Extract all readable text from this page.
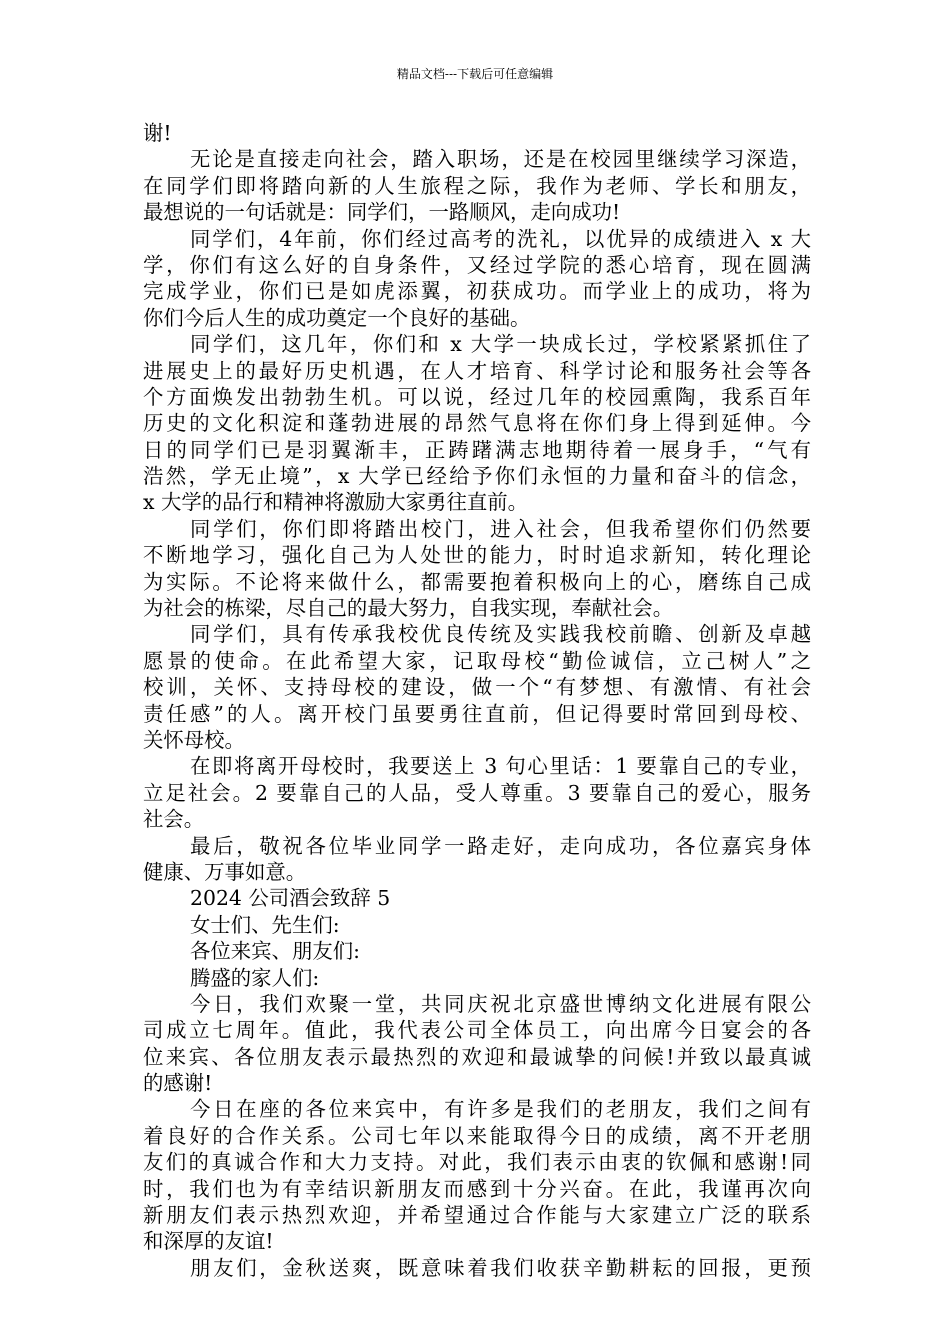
精品文档---下载后可任意编辑
谢!
无论是直接走向社会，踏入职场，还是在校园里继续学习深造，
在同学们即将踏向新的人生旅程之际，我作为老师、学长和朋友，
最想说的一句话就是：同学们，一路顺风，走向成功!
同学们，4年前，你们经过高考的洗礼，以优异的成绩进入 x 大
学，你们有这么好的自身条件，又经过学院的悉心培育，现在圆满
完成学业，你们已是如虎添翼，初获成功。而学业上的成功，将为
你们今后人生的成功奠定一个良好的基础。
同学们，这几年，你们和 x 大学一块成长过，学校紧紧抓住了
进展史上的最好历史机遇，在人才培育、科学讨论和服务社会等各
个方面焕发出勃勃生机。可以说，经过几年的校园熏陶，我系百年
历史的文化积淀和蓬勃进展的昂然气息将在你们身上得到延伸。今
日的同学们已是羽翼渐丰，正踌躇满志地期待着一展身手，“气有
浩然，学无止境”，x 大学已经给予你们永恒的力量和奋斗的信念，
x 大学的品行和精神将激励大家勇往直前。
同学们，你们即将踏出校门，进入社会，但我希望你们仍然要
不断地学习，强化自己为人处世的能力，时时追求新知，转化理论
为实际。不论将来做什么，都需要抱着积极向上的心，磨练自己成
为社会的栋梁，尽自己的最大努力，自我实现，奉献社会。
同学们，具有传承我校优良传统及实践我校前瞻、创新及卓越
愿景的使命。在此希望大家，记取母校“勤俭诚信，立己树人”之
校训，关怀、支持母校的建设，做一个“有梦想、有激情、有社会
责任感”的人。离开校门虽要勇往直前，但记得要时常回到母校、
关怀母校。
在即将离开母校时，我要送上 3 句心里话：1 要靠自己的专业，
立足社会。2 要靠自己的人品，受人尊重。3 要靠自己的爱心，服务
社会。
最后，敬祝各位毕业同学一路走好，走向成功，各位嘉宾身体
健康、万事如意。
2024 公司酒会致辞 5
女士们、先生们:
各位来宾、朋友们:
腾盛的家人们:
今日，我们欢聚一堂，共同庆祝北京盛世博纳文化进展有限公
司成立七周年。值此，我代表公司全体员工，向出席今日宴会的各
位来宾、各位朋友表示最热烈的欢迎和最诚挚的问候!并致以最真诚
的感谢!
今日在座的各位来宾中，有许多是我们的老朋友，我们之间有
着良好的合作关系。公司七年以来能取得今日的成绩，离不开老朋
友们的真诚合作和大力支持。对此，我们表示由衷的钦佩和感谢!同
时，我们也为有幸结识新朋友而感到十分兴奋。在此，我谨再次向
新朋友们表示热烈欢迎，并希望通过合作能与大家建立广泛的联系
和深厚的友谊!
朋友们，金秋送爽，既意味着我们收获辛勤耕耘的回报，更预
